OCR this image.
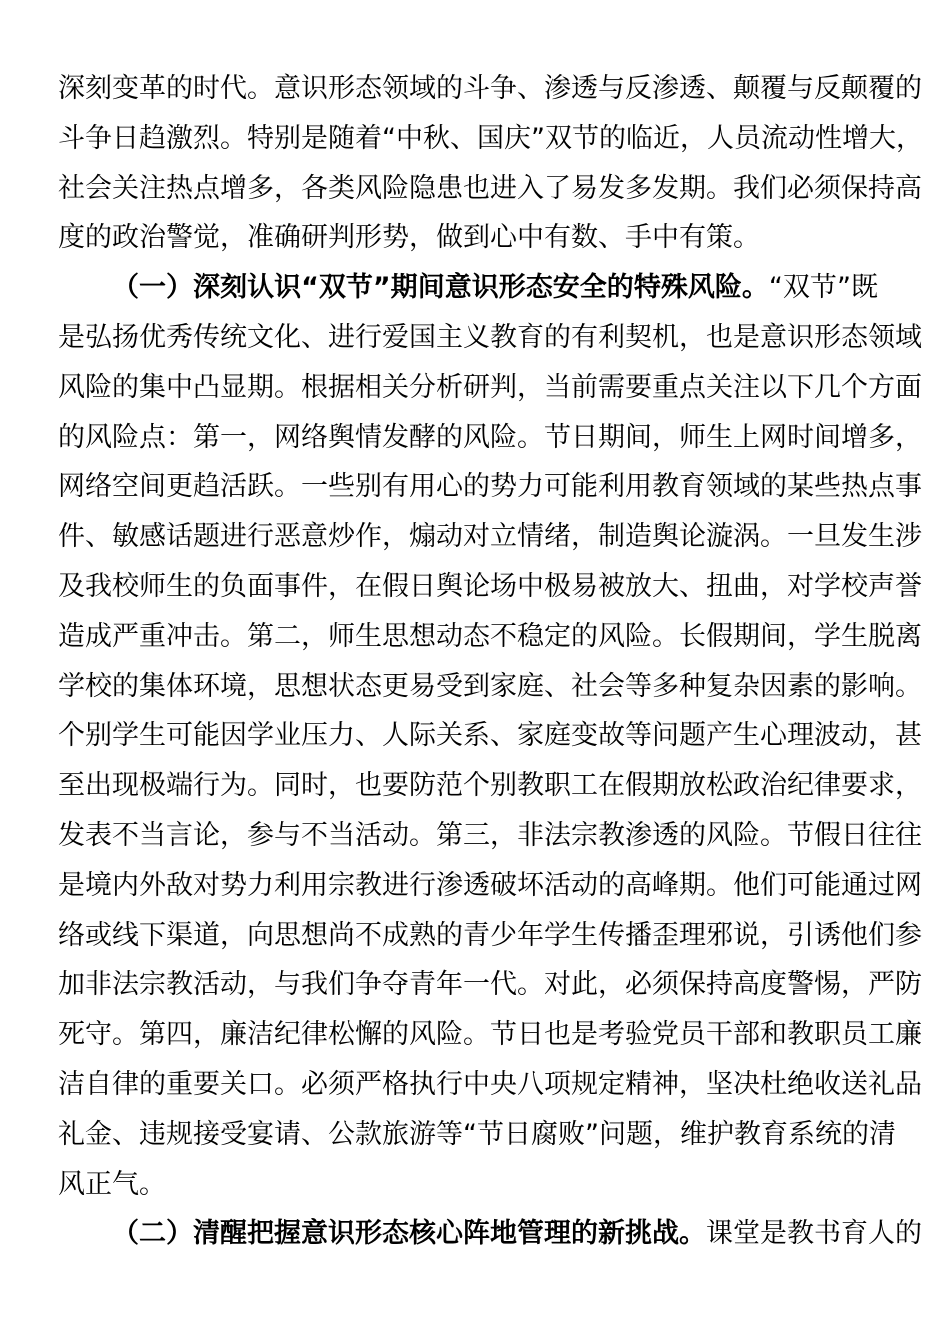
深 刻 变 革 的 时 代 。 意 识 形 态 领 域 的 斗 争 、 渗 透 与 反 渗 透 、 颠 覆 与 反 颠 覆 的
斗 争 日 趋 激 烈 。 特 别 是 随 着 “ 中 秋 、 国 庆 ” 双 节 的 临 近 ， 人 员 流 动 性 增 大 ，
社 会 关 注 热 点 增 多 ， 各 类 风 险 隐 患 也 进 入 了 易 发 多 发 期 。 我 们 必 须 保 持 高
度 的 政 治 警 觉 ， 准 确 研 判 形 势 ， 做 到 心 中 有 数 、 手 中 有 策 。
（ 一 ） 深 刻 认 识 “ 双 节 ” 期 间 意 识 形 态 安 全 的 特 殊 风 险 。 “ 双 节 ” 既
是 弘 扬 优 秀 传 统 文 化 、 进 行 爱 国 主 义 教 育 的 有 利 契 机 ， 也 是 意 识 形 态 领 域
风 险 的 集 中 凸 显 期 。 根 据 相 关 分 析 研 判 ， 当 前 需 要 重 点 关 注 以 下 几 个 方 面
的 风 险 点 ： 第 一 ， 网 络 舆 情 发 酵 的 风 险 。 节 日 期 间 ， 师 生 上 网 时 间 增 多 ，
网 络 空 间 更 趋 活 跃 。 一 些 别 有 用 心 的 势 力 可 能 利 用 教 育 领 域 的 某 些 热 点 事
件 、 敏 感 话 题 进 行 恶 意 炒 作 ， 煽 动 对 立 情 绪 ， 制 造 舆 论 漩 涡 。 一 旦 发 生 涉
及 我 校 师 生 的 负 面 事 件 ， 在 假 日 舆 论 场 中 极 易 被 放 大 、 扭 曲 ， 对 学 校 声 誉
造 成 严 重 冲 击 。 第 二 ， 师 生 思 想 动 态 不 稳 定 的 风 险 。 长 假 期 间 ， 学 生 脱 离
学 校 的 集 体 环 境 ， 思 想 状 态 更 易 受 到 家 庭 、 社 会 等 多 种 复 杂 因 素 的 影 响 。
个 别 学 生 可 能 因 学 业 压 力 、 人 际 关 系 、 家 庭 变 故 等 问 题 产 生 心 理 波 动 ， 甚
至 出 现 极 端 行 为 。 同 时 ， 也 要 防 范 个 别 教 职 工 在 假 期 放 松 政 治 纪 律 要 求 ，
发 表 不 当 言 论 ， 参 与 不 当 活 动 。 第 三 ， 非 法 宗 教 渗 透 的 风 险 。 节 假 日 往 往
是 境 内 外 敌 对 势 力 利 用 宗 教 进 行 渗 透 破 坏 活 动 的 高 峰 期 。 他 们 可 能 通 过 网
络 或 线 下 渠 道 ， 向 思 想 尚 不 成 熟 的 青 少 年 学 生 传 播 歪 理 邪 说 ， 引 诱 他 们 参
加 非 法 宗 教 活 动 ， 与 我 们 争 夺 青 年 一 代 。 对 此 ， 必 须 保 持 高 度 警 惕 ， 严 防
死 守 。 第 四 ， 廉 洁 纪 律 松 懈 的 风 险 。 节 日 也 是 考 验 党 员 干 部 和 教 职 员 工 廉
洁 自 律 的 重 要 关 口 。 必 须 严 格 执 行 中 央 八 项 规 定 精 神 ， 坚 决 杜 绝 收 送 礼 品
礼 金 、 违 规 接 受 宴 请 、 公 款 旅 游 等 “ 节 日 腐 败 ” 问 题 ， 维 护 教 育 系 统 的 清
风 正 气 。
（ 二 ） 清 醒 把 握 意 识 形 态 核 心 阵 地 管 理 的 新 挑 战 。 课 堂 是 教 书 育 人 的
